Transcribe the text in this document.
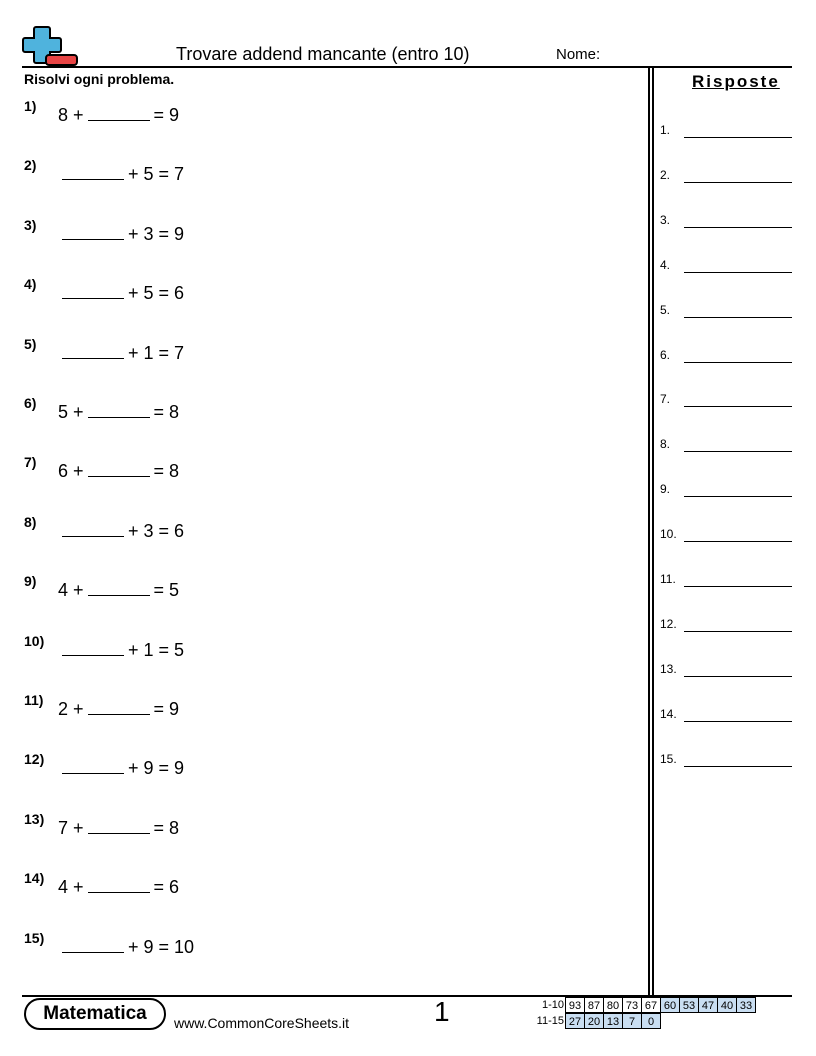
Trovare addend mancante (entro 10)	Nome:
Risolvi ogni problema.
1) 8 +	= 9
2)	+ 5 = 7
3)	+ 3 = 9
4)	+ 5 = 6
5)	+ 1 = 7
6) 5 +	= 8
7) 6 +	= 8
8)	+ 3 = 6
9) 4 +	= 5
10)	+ 1 = 5
11) 2 +	= 9
12)	+ 9 = 9
13) 7 +	= 8
14) 4 +	= 6
15)	+ 9 = 10
Risposte
1.
2.
3.
4.
5.
6.
7.
8.
9.
10.
11.
12.
13.
14.
15.
Matematica	www.CommonCoreSheets.it	1	1-10 93 87 80 73 67 60 53 47 40 33
11-15 27 20 13 7	0
